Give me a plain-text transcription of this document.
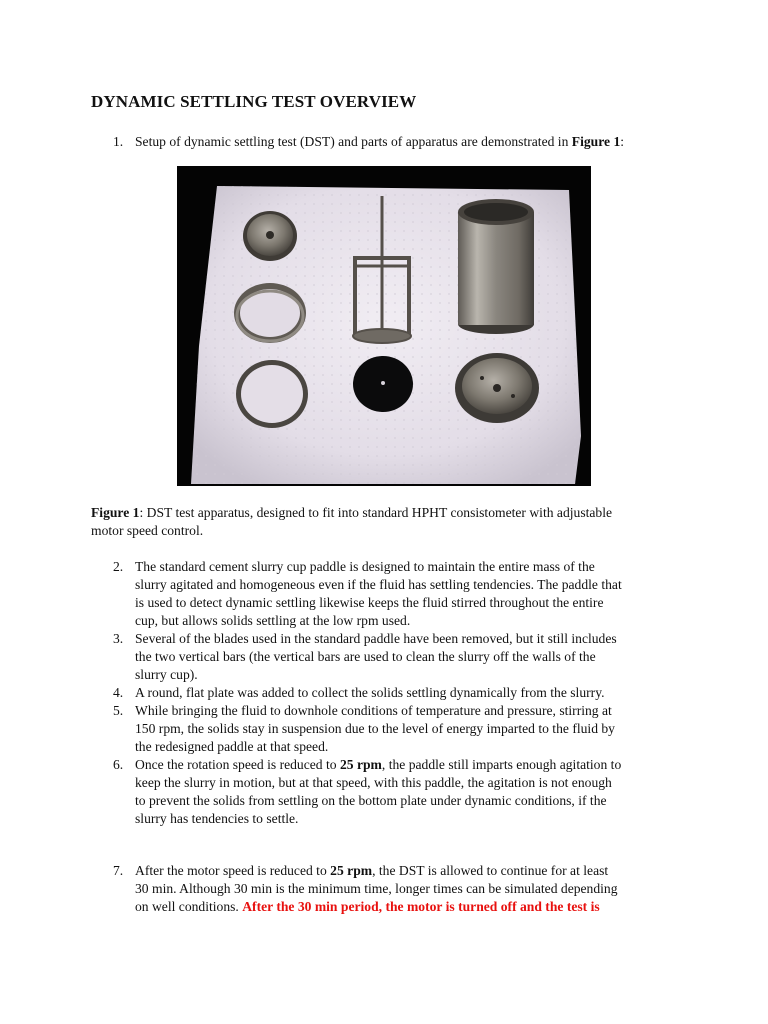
DYNAMIC SETTLING TEST OVERVIEW
1. Setup of dynamic settling test (DST) and parts of apparatus are demonstrated in Figure 1:
Figure 1: DST test apparatus, designed to fit into standard HPHT consistometer with adjustable
motor speed control.
2. The standard cement slurry cup paddle is designed to maintain the entire mass of the
slurry agitated and homogeneous even if the fluid has settling tendencies. The paddle that
is used to detect dynamic settling likewise keeps the fluid stirred throughout the entire
cup, but allows solids settling at the low rpm used.
3. Several of the blades used in the standard paddle have been removed, but it still includes
the two vertical bars (the vertical bars are used to clean the slurry off the walls of the
slurry cup).
4. A round, flat plate was added to collect the solids settling dynamically from the slurry.
5. While bringing the fluid to downhole conditions of temperature and pressure, stirring at
150 rpm, the solids stay in suspension due to the level of energy imparted to the fluid by
the redesigned paddle at that speed.
6. Once the rotation speed is reduced to 25 rpm, the paddle still imparts enough agitation to
keep the slurry in motion, but at that speed, with this paddle, the agitation is not enough
to prevent the solids from settling on the bottom plate under dynamic conditions, if the
slurry has tendencies to settle.
7. After the motor speed is reduced to 25 rpm, the DST is allowed to continue for at least
30 min. Although 30 min is the minimum time, longer times can be simulated depending
on well conditions. After the 30 min period, the motor is turned off and the test is
